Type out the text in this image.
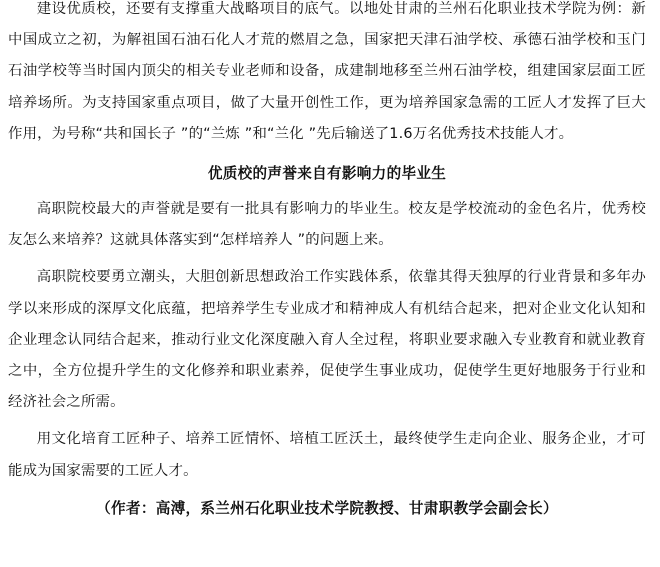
建设优质校，还要有支撑重大战略项目的底气。以地处甘肃的兰州石化职业技术学院为例：新中国成立之初，为解祖国石油石化人才荒的燃眉之急，国家把天津石油学校、承德石油学校和玉门石油学校等当时国内顶尖的相关专业老师和设备，成建制地移至兰州石油学校，组建国家层面工匠培养场所。为支持国家重点项目，做了大量开创性工作，更为培养国家急需的工匠人才发挥了巨大作用，为号称“共和国长子 ”的“兰炼 ”和“兰化 ”先后输送了1.6万名优秀技术技能人才。

优质校的声誉来自有影响力的毕业生

高职院校最大的声誉就是要有一批具有影响力的毕业生。校友是学校流动的金色名片，优秀校友怎么来培养？这就具体落实到“怎样培养人 ”的问题上来。

高职院校要勇立潮头，大胆创新思想政治工作实践体系，依靠其得天独厚的行业背景和多年办学以来形成的深厚文化底蕴，把培养学生专业成才和精神成人有机结合起来，把对企业文化认知和企业理念认同结合起来，推动行业文化深度融入育人全过程，将职业要求融入专业教育和就业教育之中，全方位提升学生的文化修养和职业素养，促使学生事业成功，促使学生更好地服务于行业和经济社会之所需。

用文化培育工匠种子、培养工匠情怀、培植工匠沃土，最终使学生走向企业、服务企业，才可能成为国家需要的工匠人才。

（作者：高溥，系兰州石化职业技术学院教授、甘肃职教学会副会长）
